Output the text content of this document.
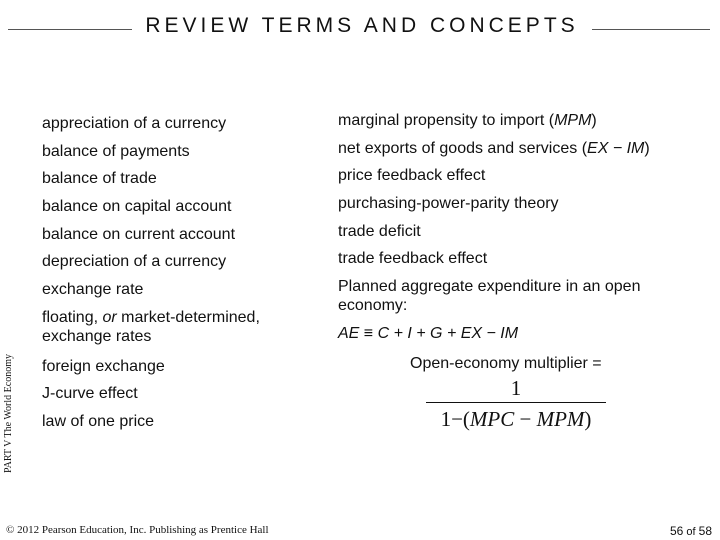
REVIEW TERMS AND CONCEPTS
PART V The World Economy
appreciation of a currency
balance of payments
balance of trade
balance on capital account
balance on current account
depreciation of a currency
exchange rate
floating, or market-determined, exchange rates
foreign exchange
J-curve effect
law of one price
marginal propensity to import (MPM)
net exports of goods and services (EX − IM)
price feedback effect
purchasing-power-parity theory
trade deficit
trade feedback effect
Planned aggregate expenditure in an open economy:
AE ≡ C + I + G + EX − IM
Open-economy multiplier =
1
1−(MPC − MPM)
© 2012 Pearson Education, Inc. Publishing as Prentice Hall	56 of 58
